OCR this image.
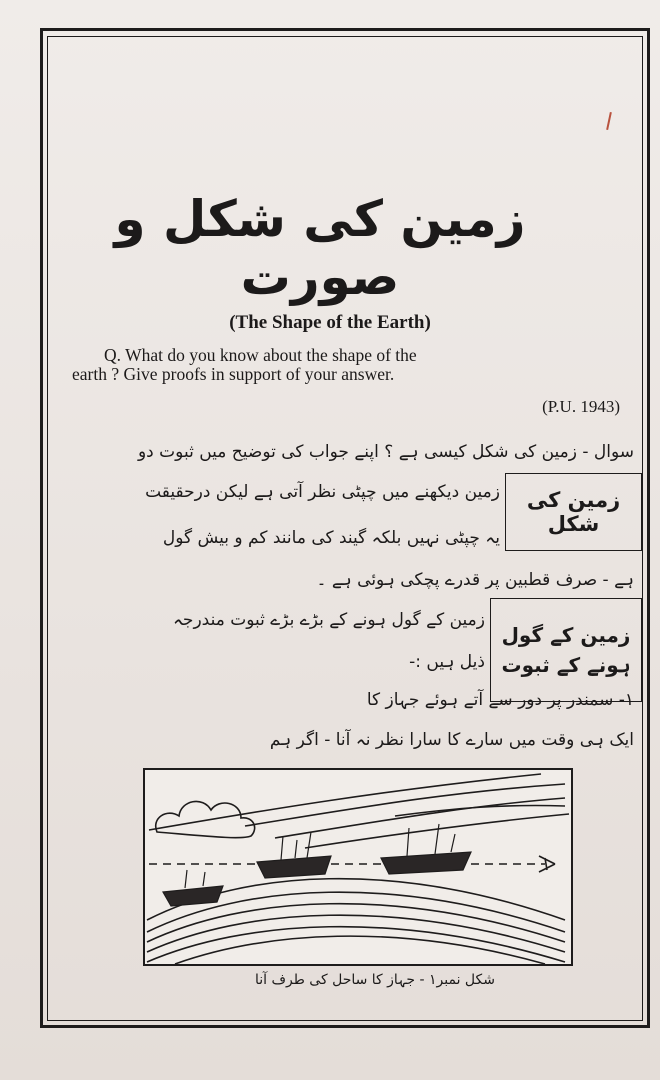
زمین کی شکل و صورت
(The Shape of the Earth)
Q. What do you know about the shape of the
earth ? Give proofs in support of your answer.
(P.U. 1943)
سوال - زمین کی شکل کیسی ہے ؟ اپنے جواب کی توضیح میں ثبوت دو
زمین دیکھنے میں چپٹی نظر آتی ہے لیکن درحقیقت
یہ چپٹی نہیں بلکہ گیند کی مانند کم و بیش گول
ہے - صرف قطبین پر قدرے پچکی ہوئی ہے ۔
زمین کے گول ہونے کے بڑے بڑے ثبوت مندرجہ
ذیل ہیں :-
۱- سمندر پر دور سے آتے ہوئے جہاز کا
ایک ہی وقت میں سارے کا سارا نظر نہ آنا - اگر ہم
زمین کی شکل
زمین کے گول
ہونے کے ثبوت
شکل نمبر۱ - جہاز کا ساحل کی طرف آنا
